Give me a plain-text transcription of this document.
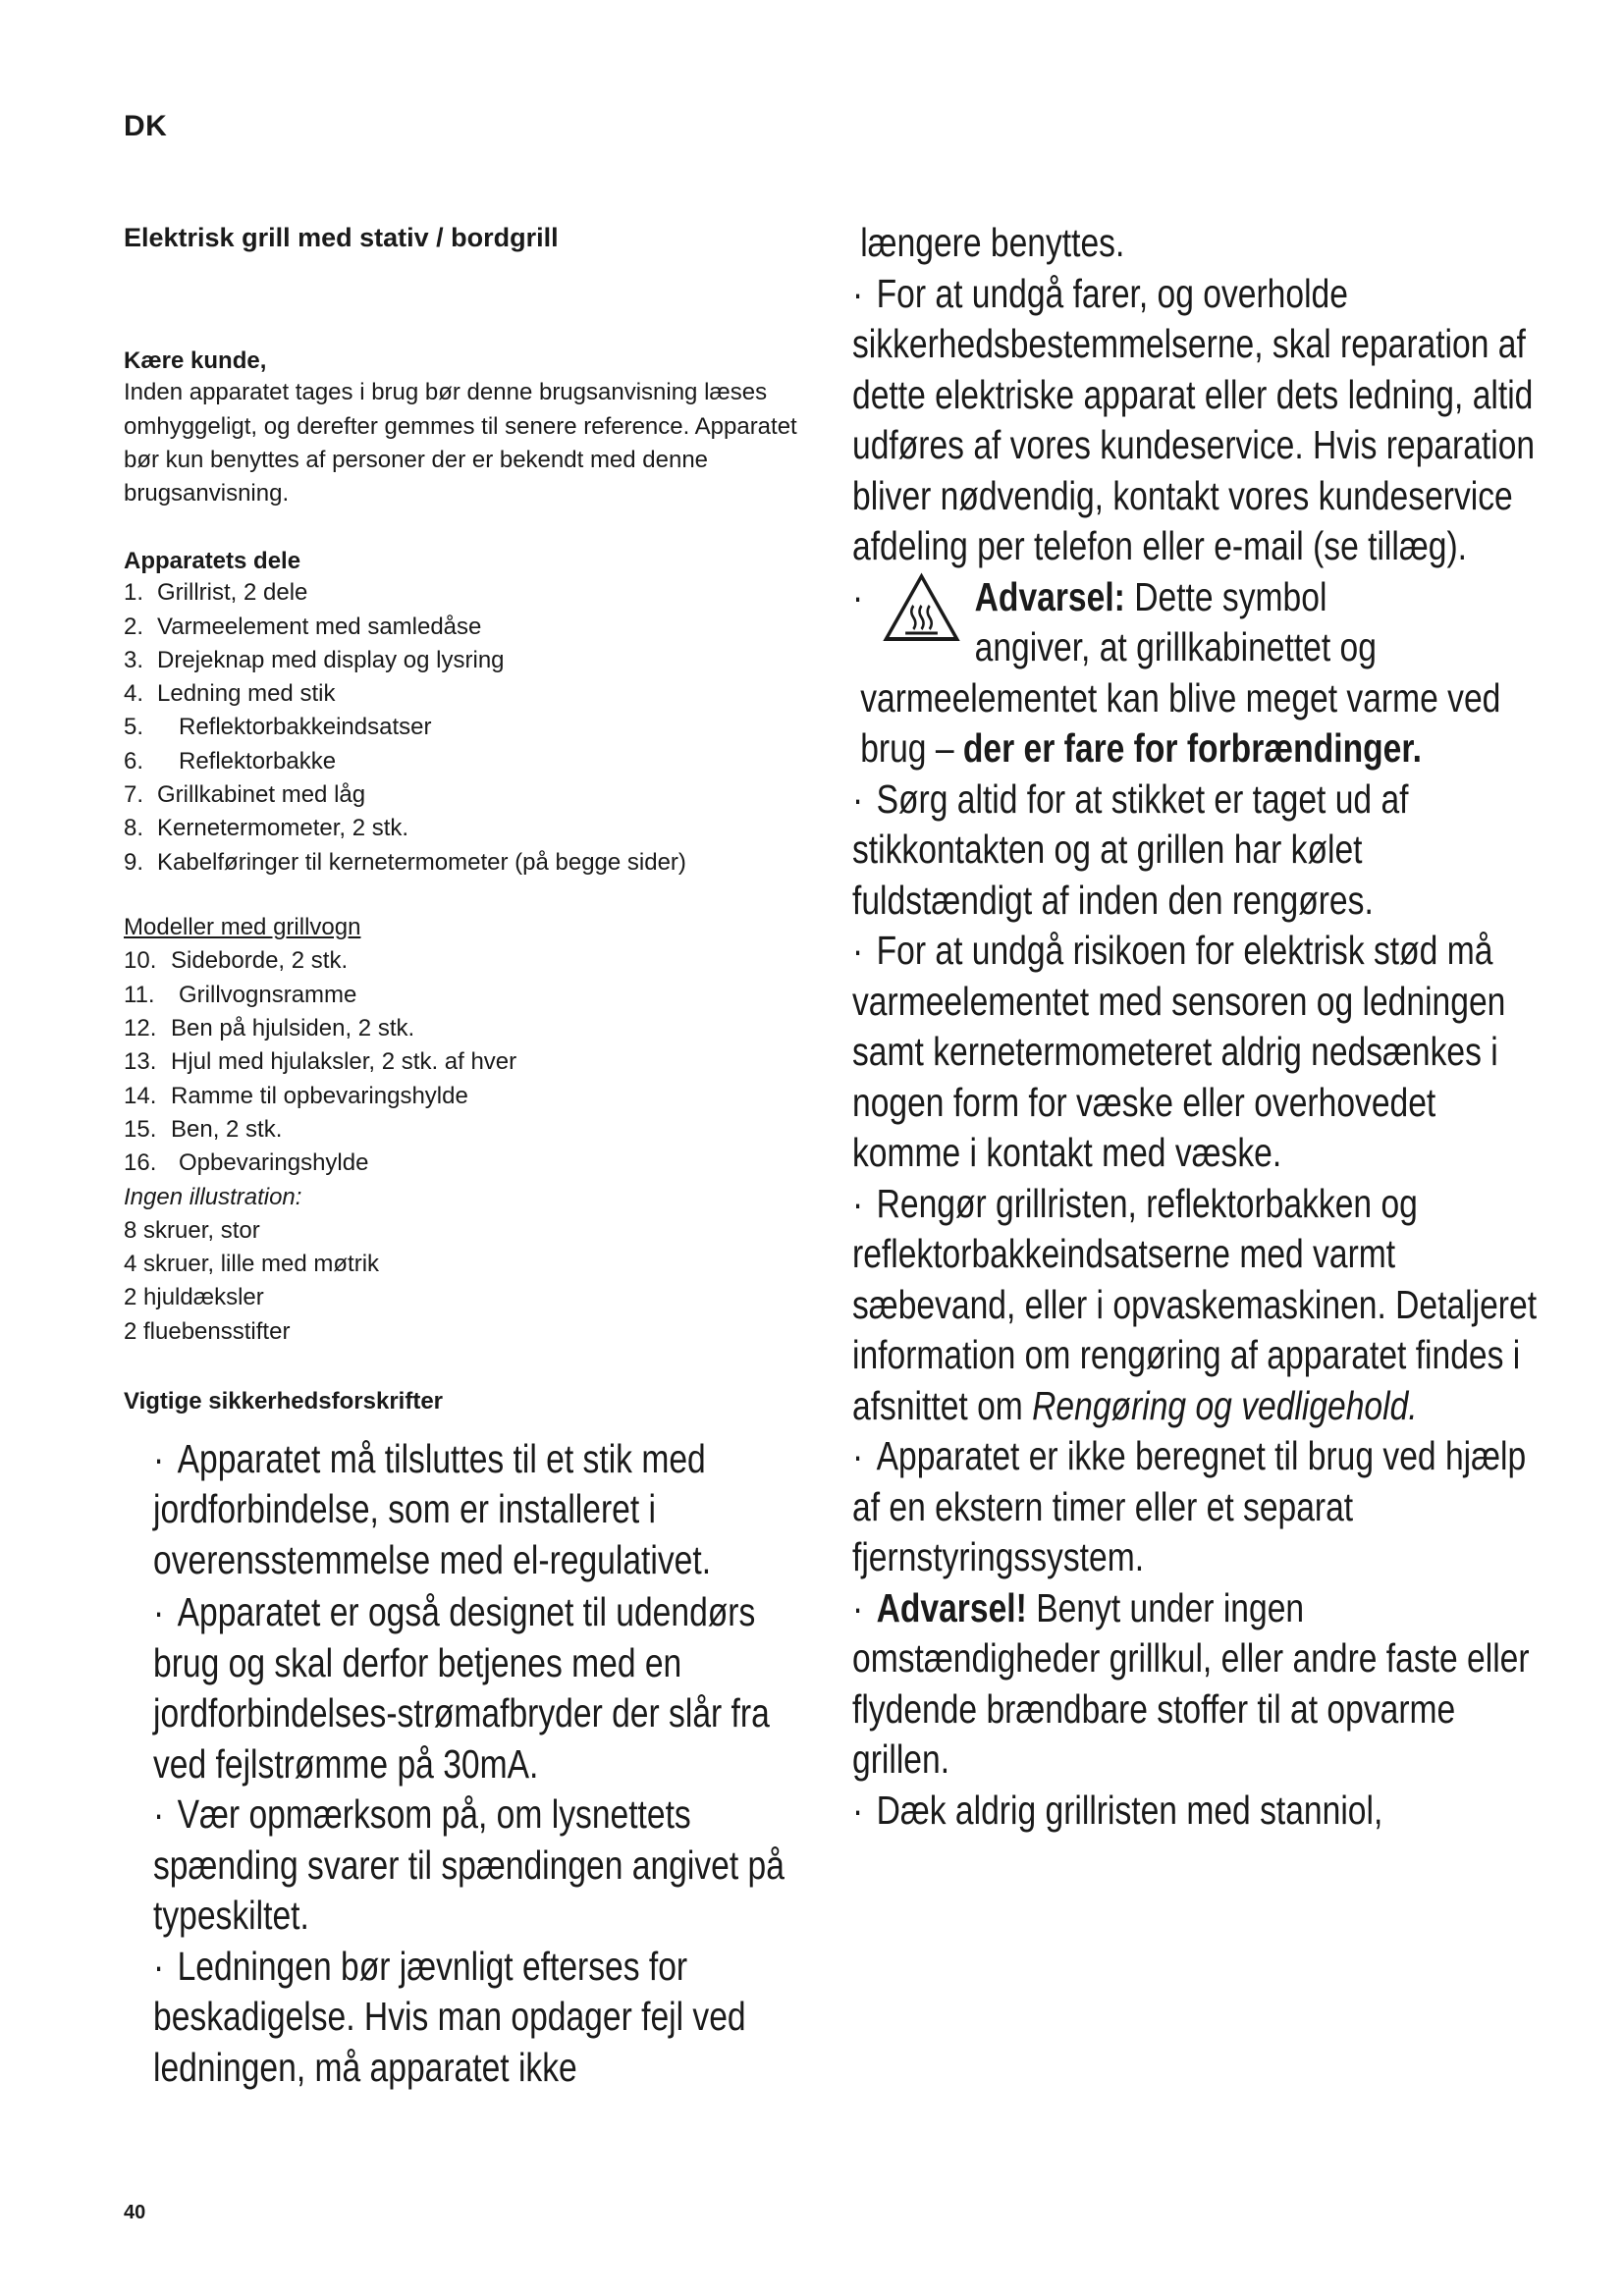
DK
Elektrisk grill med stativ / bordgrill

Kære kunde,

Inden apparatet tages i brug bør denne brugsanvisning læses omhyggeligt, og derefter gemmes til senere reference. Apparatet bør kun benyttes af personer der er bekendt med denne brugsanvisning.

Apparatets dele

1. Grillrist, 2 dele
2. Varmeelement med samledåse
3. Drejeknap med display og lysring
4. Ledning med stik
5. Reflektorbakkeindsatser
6. Reflektorbakke
7. Grillkabinet med låg
8. Kernetermometer, 2 stk.
9. Kabelføringer til kernetermometer (på begge sider)

Modeller med grillvogn

10. Sideborde, 2 stk.
11. Grillvognsramme
12. Ben på hjulsiden, 2 stk.
13. Hjul med hjulaksler, 2 stk. af hver
14. Ramme til opbevaringshylde
15. Ben, 2 stk.
16. Opbevaringshylde

Ingen illustration:

8 skruer, stor

4 skruer, lille med møtrik

2 hjuldæksler

2 fluebensstifter

Vigtige sikkerhedsforskrifter

· Apparatet må tilsluttes til et stik med jordforbindelse, som er installeret i overensstemmelse med el-regulativet.
· Apparatet er også designet til udendørs brug og skal derfor betjenes med en jordforbindelses-strømafbryder der slår fra ved fejlstrømme på 30mA.
· Vær opmærksom på, om lysnettets spænding svarer til spændingen angivet på typeskiltet.
· Ledningen bør jævnligt efterses for beskadigelse. Hvis man opdager fejl ved ledningen, må apparatet ikke
længere benyttes.
· For at undgå farer, og overholde sikkerhedsbestemmelserne, skal reparation af dette elektriske apparat eller dets ledning, altid udføres af vores kundeservice. Hvis reparation bliver nødvendig, kontakt vores kundeservice afdeling per telefon eller e-mail (se tillæg).
·	Advarsel: Dette symbol
angiver, at grillkabinettet og
varmeelementet kan blive meget varme ved brug – der er fare for forbrændinger.
· Sørg altid for at stikket er taget ud af stikkontakten og at grillen har kølet fuldstændigt af inden den rengøres.
· For at undgå risikoen for elektrisk stød må varmeelementet med sensoren og ledningen samt kernetermometeret aldrig nedsænkes i nogen form for væske eller overhovedet komme i kontakt med væske.
· Rengør grillristen, reflektorbakken og reflektorbakkeindsatserne med varmt sæbevand, eller i opvaskemaskinen. Detaljeret information om rengøring af apparatet findes i afsnittet om Rengøring og vedligehold.
· Apparatet er ikke beregnet til brug ved hjælp af en ekstern timer eller et separat fjernstyringssystem.
· Advarsel! Benyt under ingen omstændigheder grillkul, eller andre faste eller flydende brændbare stoffer til at opvarme grillen.
· Dæk aldrig grillristen med stanniol,
40
